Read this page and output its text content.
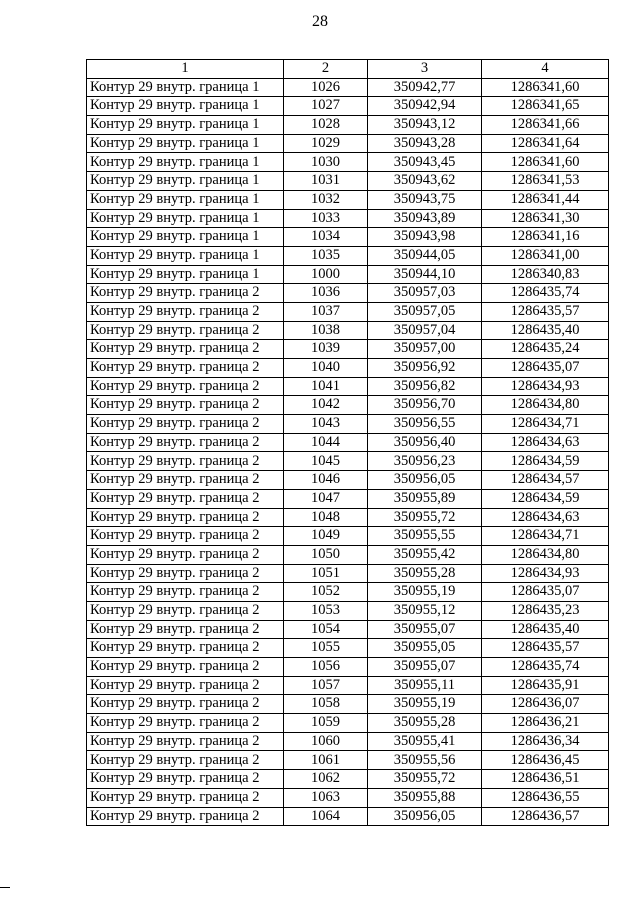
28
1	2	3	4
Контур 29 внутр. граница 1	1026	350942,77	1286341,60
Контур 29 внутр. граница 1	1027	350942,94	1286341,65
Контур 29 внутр. граница 1	1028	350943,12	1286341,66
Контур 29 внутр. граница 1	1029	350943,28	1286341,64
Контур 29 внутр. граница 1	1030	350943,45	1286341,60
Контур 29 внутр. граница 1	1031	350943,62	1286341,53
Контур 29 внутр. граница 1	1032	350943,75	1286341,44
Контур 29 внутр. граница 1	1033	350943,89	1286341,30
Контур 29 внутр. граница 1	1034	350943,98	1286341,16
Контур 29 внутр. граница 1	1035	350944,05	1286341,00
Контур 29 внутр. граница 1	1000	350944,10	1286340,83
Контур 29 внутр. граница 2	1036	350957,03	1286435,74
Контур 29 внутр. граница 2	1037	350957,05	1286435,57
Контур 29 внутр. граница 2	1038	350957,04	1286435,40
Контур 29 внутр. граница 2	1039	350957,00	1286435,24
Контур 29 внутр. граница 2	1040	350956,92	1286435,07
Контур 29 внутр. граница 2	1041	350956,82	1286434,93
Контур 29 внутр. граница 2	1042	350956,70	1286434,80
Контур 29 внутр. граница 2	1043	350956,55	1286434,71
Контур 29 внутр. граница 2	1044	350956,40	1286434,63
Контур 29 внутр. граница 2	1045	350956,23	1286434,59
Контур 29 внутр. граница 2	1046	350956,05	1286434,57
Контур 29 внутр. граница 2	1047	350955,89	1286434,59
Контур 29 внутр. граница 2	1048	350955,72	1286434,63
Контур 29 внутр. граница 2	1049	350955,55	1286434,71
Контур 29 внутр. граница 2	1050	350955,42	1286434,80
Контур 29 внутр. граница 2	1051	350955,28	1286434,93
Контур 29 внутр. граница 2	1052	350955,19	1286435,07
Контур 29 внутр. граница 2	1053	350955,12	1286435,23
Контур 29 внутр. граница 2	1054	350955,07	1286435,40
Контур 29 внутр. граница 2	1055	350955,05	1286435,57
Контур 29 внутр. граница 2	1056	350955,07	1286435,74
Контур 29 внутр. граница 2	1057	350955,11	1286435,91
Контур 29 внутр. граница 2	1058	350955,19	1286436,07
Контур 29 внутр. граница 2	1059	350955,28	1286436,21
Контур 29 внутр. граница 2	1060	350955,41	1286436,34
Контур 29 внутр. граница 2	1061	350955,56	1286436,45
Контур 29 внутр. граница 2	1062	350955,72	1286436,51
Контур 29 внутр. граница 2	1063	350955,88	1286436,55
Контур 29 внутр. граница 2	1064	350956,05	1286436,57
